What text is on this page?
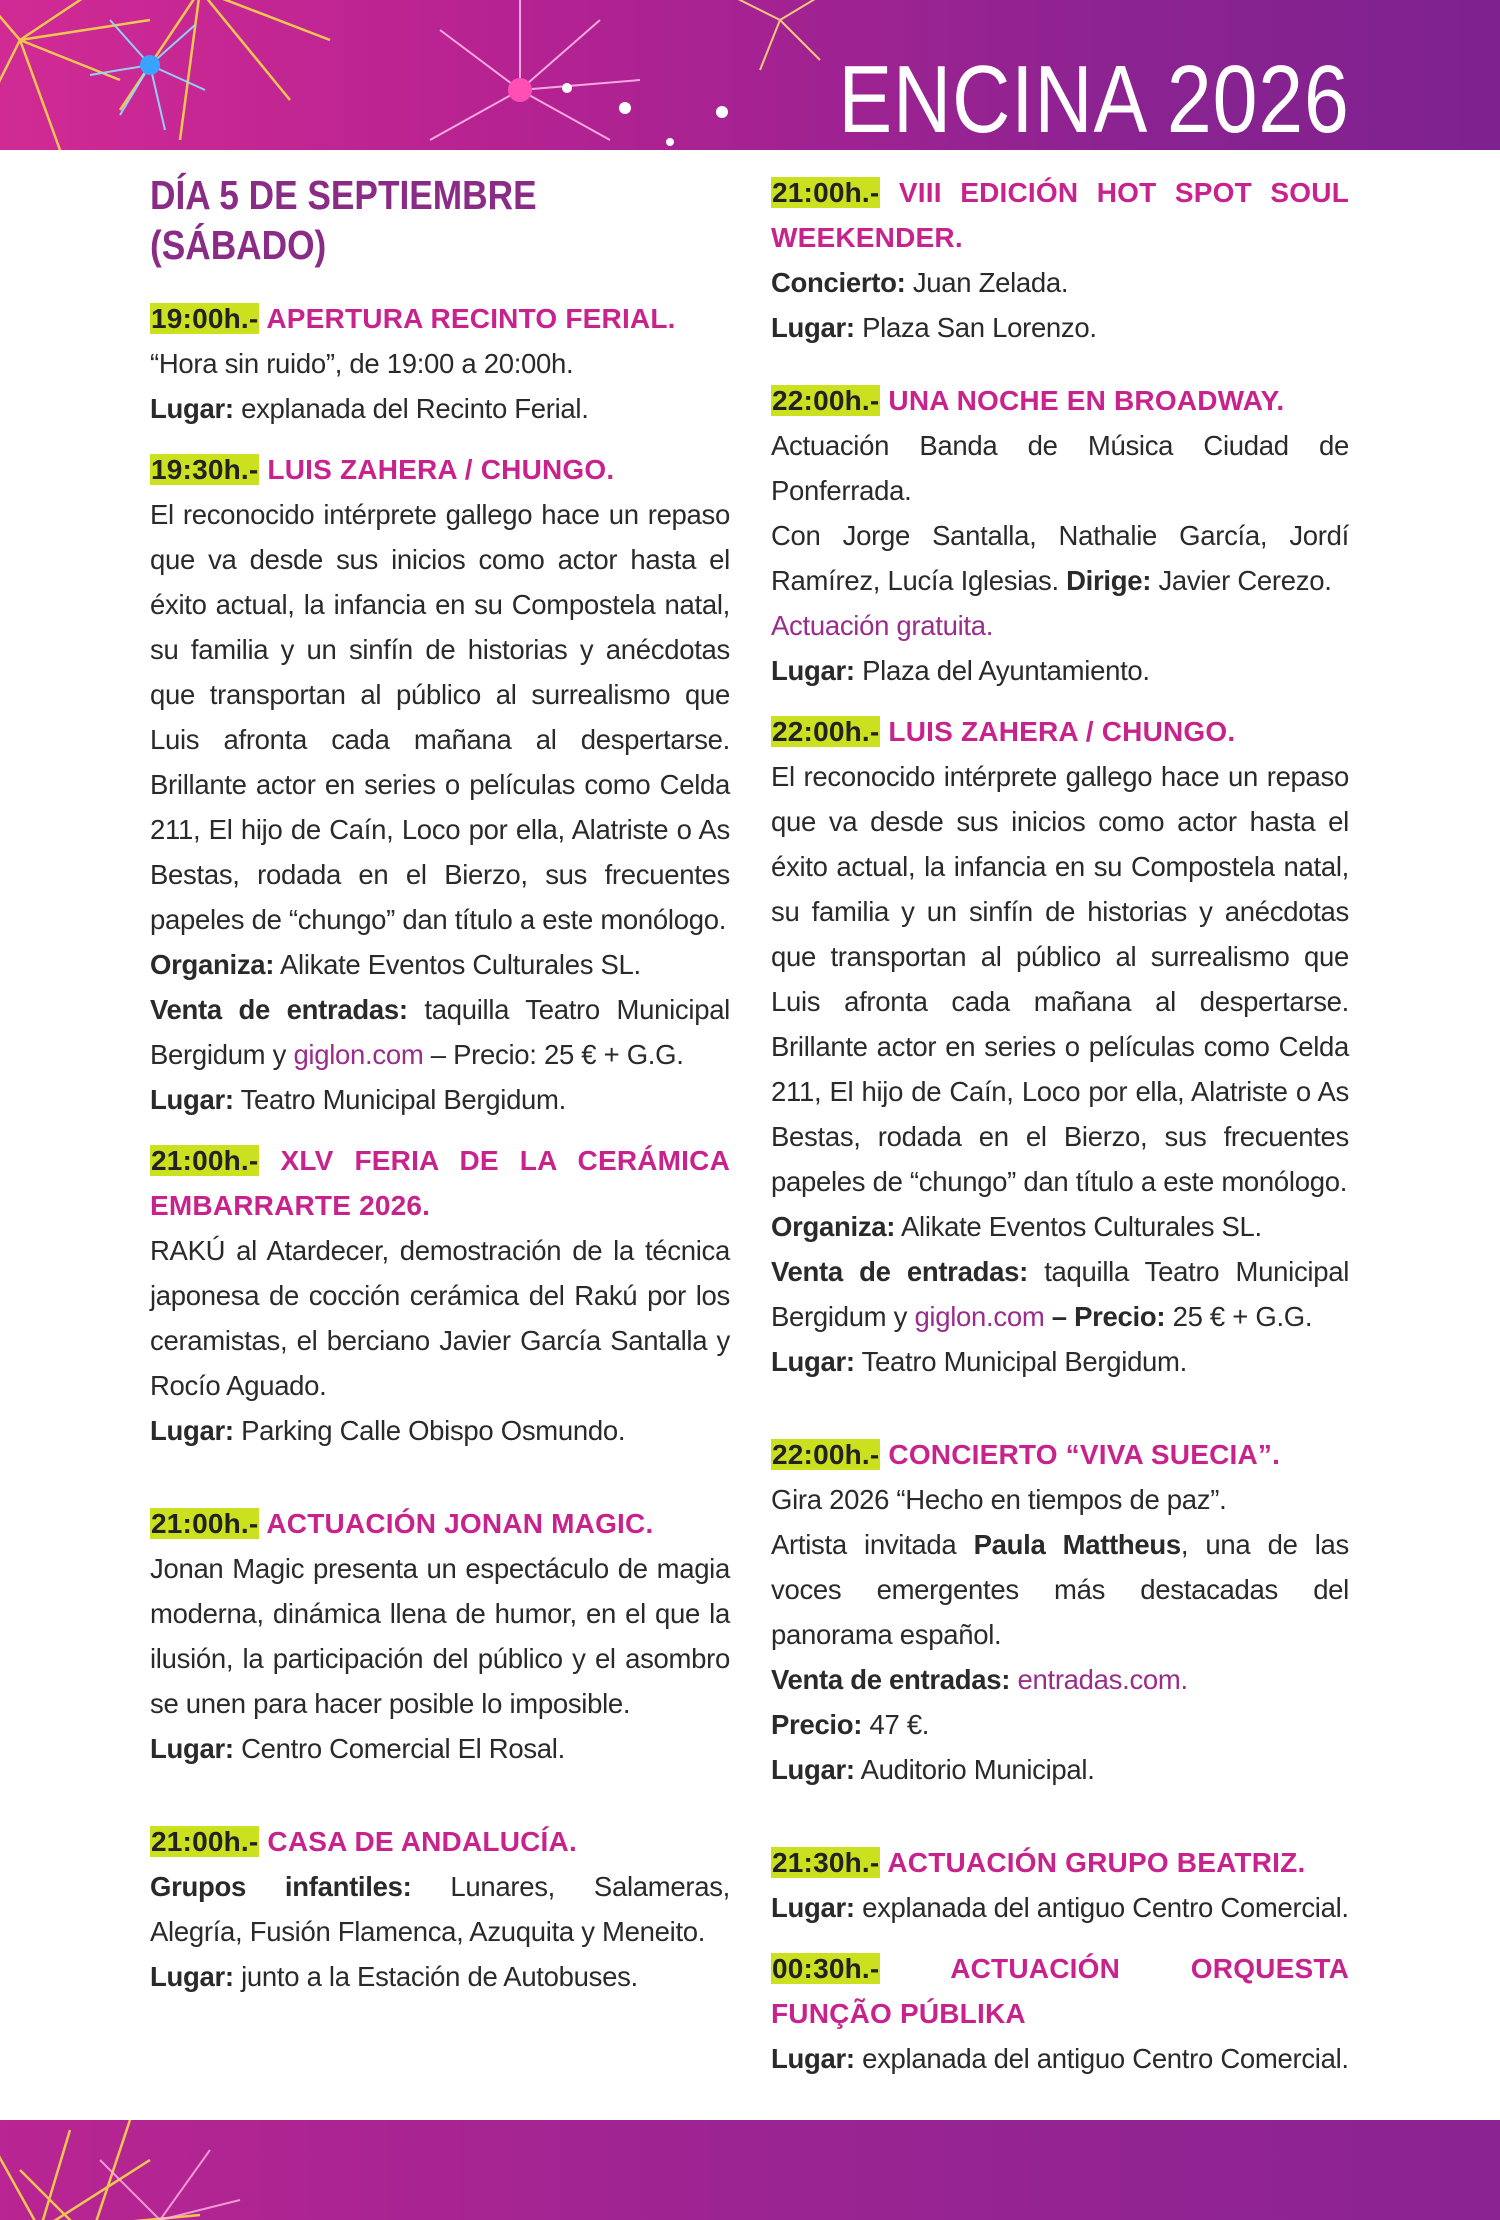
ENCINA 2026
DÍA 5 DE SEPTIEMBRE
(SÁBADO)
19:00h.- APERTURA RECINTO FERIAL.

“Hora sin ruido”, de 19:00 a 20:00h.

Lugar: explanada del Recinto Ferial.

19:30h.- LUIS ZAHERA / CHUNGO.

El reconocido intérprete gallego hace un repaso que va desde sus inicios como actor hasta el éxito actual, la infancia en su Compostela natal, su familia y un sinfín de historias y anécdotas que transportan al público al surrealismo que Luis afronta cada mañana al despertarse. Brillante actor en series o películas como Celda 211, El hijo de Caín, Loco por ella, Alatriste o As Bestas, rodada en el Bierzo, sus frecuentes papeles de “chungo” dan título a este monólogo.

Organiza: Alikate Eventos Culturales SL.

Venta de entradas: taquilla Teatro Municipal Bergidum y giglon.com – Precio: 25 € + G.G.

Lugar: Teatro Municipal Bergidum.

21:00h.- XLV FERIA DE LA CERÁMICA EMBARRARTE 2026.

RAKÚ al Atardecer, demostración de la técnica japonesa de cocción cerámica del Rakú por los ceramistas, el berciano Javier García Santalla y Rocío Aguado.

Lugar: Parking Calle Obispo Osmundo.

21:00h.- ACTUACIÓN JONAN MAGIC.

Jonan Magic presenta un espectáculo de magia moderna, dinámica llena de humor, en el que la ilusión, la participación del público y el asombro se unen para hacer posible lo imposible.

Lugar: Centro Comercial El Rosal.

21:00h.- CASA DE ANDALUCÍA.

Grupos infantiles: Lunares, Salameras, Alegría, Fusión Flamenca, Azuquita y Meneito.

Lugar: junto a la Estación de Autobuses.

21:00h.- VIII EDICIÓN HOT SPOT SOUL WEEKENDER.

Concierto: Juan Zelada.

Lugar: Plaza San Lorenzo.

22:00h.- UNA NOCHE EN BROADWAY.

Actuación Banda de Música Ciudad de Ponferrada.

Con Jorge Santalla, Nathalie García, Jordí Ramírez, Lucía Iglesias. Dirige: Javier Cerezo.

Actuación gratuita.

Lugar: Plaza del Ayuntamiento.

22:00h.- LUIS ZAHERA / CHUNGO.

El reconocido intérprete gallego hace un repaso que va desde sus inicios como actor hasta el éxito actual, la infancia en su Compostela natal, su familia y un sinfín de historias y anécdotas que transportan al público al surrealismo que Luis afronta cada mañana al despertarse. Brillante actor en series o películas como Celda 211, El hijo de Caín, Loco por ella, Alatriste o As Bestas, rodada en el Bierzo, sus frecuentes papeles de “chungo” dan título a este monólogo.

Organiza: Alikate Eventos Culturales SL.

Venta de entradas: taquilla Teatro Municipal Bergidum y giglon.com – Precio: 25 € + G.G.

Lugar: Teatro Municipal Bergidum.

22:00h.- CONCIERTO “VIVA SUECIA”.

Gira 2026 “Hecho en tiempos de paz”.

Artista invitada Paula Mattheus, una de las voces emergentes más destacadas del panorama español.

Venta de entradas: entradas.com.

Precio: 47 €.

Lugar: Auditorio Municipal.

21:30h.- ACTUACIÓN GRUPO BEATRIZ.

Lugar: explanada del antiguo Centro Comercial.

00:30h.-	ACTUACIÓN ORQUESTA FUNÇÃO PÚBLIKA

Lugar: explanada del antiguo Centro Comercial.
